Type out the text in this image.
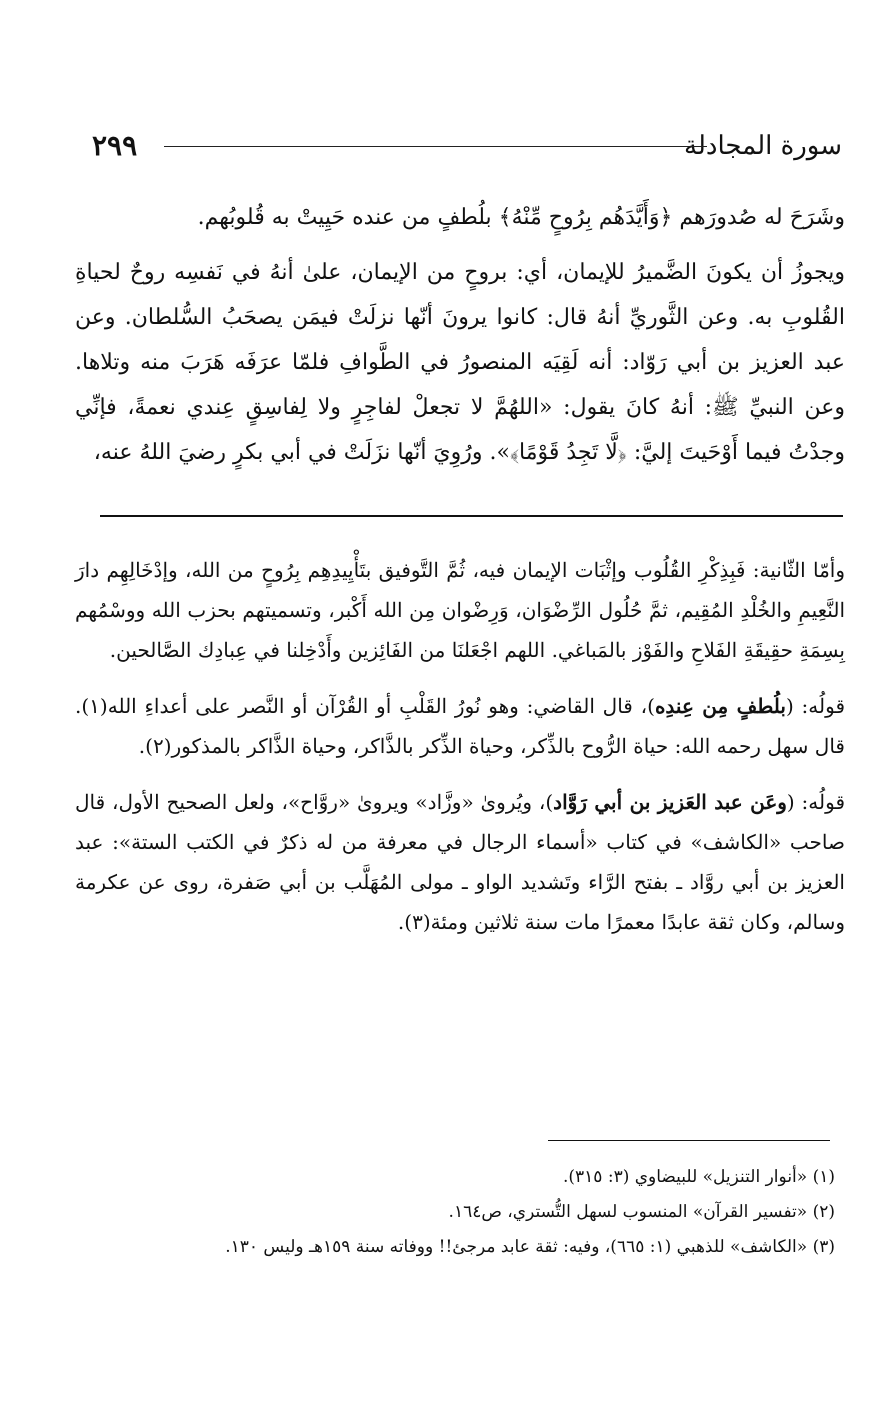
سورة المجادلة
٢٩٩

وشَرَحَ له صُدورَهم ﴿وَأَيَّدَهُم بِرُوحٍ مِّنْهُ﴾ بلُطفٍ من عنده حَيِيتْ به قُلوبُهم.

ويجوزُ أن يكونَ الضَّميرُ للإيمان، أي: بروحٍ من الإيمان، علىٰ أنهُ في نَفسِه روحٌ لحياةِ القُلوبِ به. وعن الثَّوريِّ أنهُ قال: كانوا يرونَ أنّها نزلَتْ فيمَن يصحَبُ السُّلطان. وعن عبد العزيز بن أبي رَوّاد: أنه لَقِيَه المنصورُ في الطَّوافِ فلمّا عرَفَه هَرَبَ منه وتلاها. وعن النبيِّ ﷺ: أنهُ كانَ يقول: «اللهُمَّ لا تجعلْ لفاجِرٍ ولا لِفاسِقٍ عِندي نعمةً، فإنِّي وجدْتُ فيما أَوْحَيتَ إليَّ: ﴿لَّا تَجِدُ قَوْمًا﴾». ورُوِيَ أنّها نزَلَتْ في أبي بكرٍ رضيَ اللهُ عنه،

وأمّا الثّانية: فَبِذِكْرِ القُلُوب وإثْبَات الإيمان فيه، ثُمَّ التَّوفيق بتَأْيِيدِهِم بِرُوحٍ من الله، وإدْخَالِهِم دارَ النَّعِيمِ والخُلْدِ المُقِيم، ثمَّ حُلُول الرِّضْوَان، وَرِضْوان مِن الله أَكْبر، وتسميتهم بحزب الله ووسْمُهم بِسِمَةِ حقِيقَةِ الفَلاحِ والفَوْز بالمَباغي. اللهم اجْعَلنَا من الفَائِزين وأَدْخِلنا في عِبادِك الصَّالحين.

قولُه: (بلُطفٍ مِن عِندِه)، قال القاضي: وهو نُورُ القَلْبِ أو القُرْآن أو النَّصر على أعداءِ الله(١). قال سهل رحمه الله: حياة الرُّوح بالذِّكر، وحياة الذِّكر بالذَّاكر، وحياة الذَّاكر بالمذكور(٢).

قولُه: (وعَن عبد العَزيز بن أبي رَوَّاد)، ويُروىٰ «وزَّاد» ويروىٰ «روَّاح»، ولعل الصحيح الأول، قال صاحب «الكاشف» في كتاب «أسماء الرجال في معرفة من له ذكرٌ في الكتب الستة»: عبد العزيز بن أبي روَّاد ـ بفتح الرَّاء وتَشديد الواو ـ مولى المُهَلَّب بن أبي صَفرة، روى عن عكرمة وسالم، وكان ثقة عابدًا معمرًا مات سنة ثلاثين ومئة(٣).

(١) «أنوار التنزيل» للبيضاوي (٣: ٣١٥).
(٢) «تفسير القرآن» المنسوب لسهل التُّستري، ص١٦٤.
(٣) «الكاشف» للذهبي (١: ٦٦٥)، وفيه: ثقة عابد مرجئ!! ووفاته سنة ١٥٩هـ وليس ١٣٠.
